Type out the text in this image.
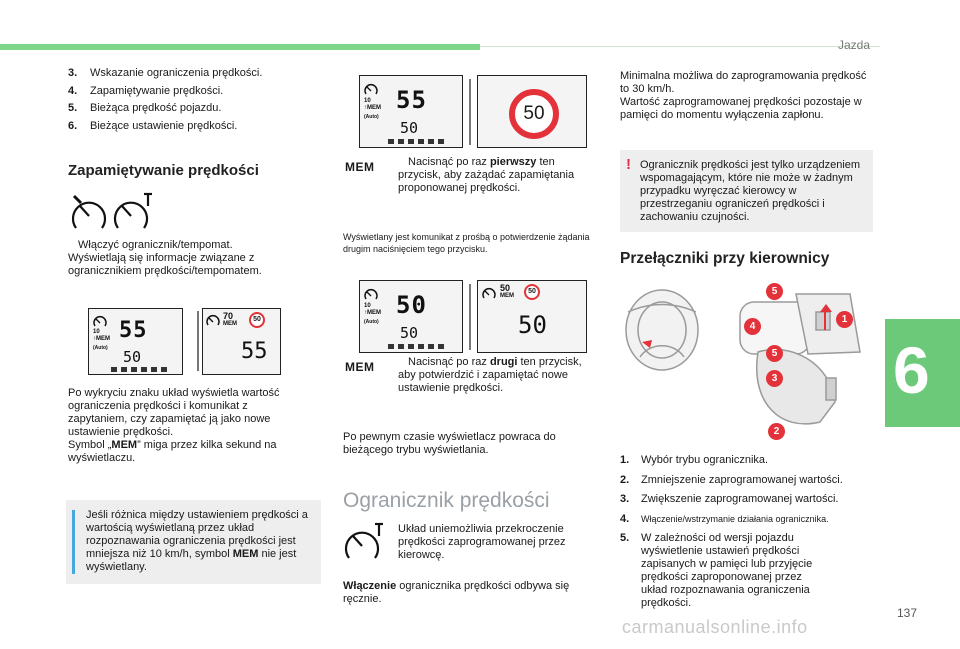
Jazda
6
137
carmanualsonline.info
3.	Wskazanie ograniczenia prędkości.
4.	Zapamiętywanie prędkości.
5.	Bieżąca prędkość pojazdu.
6.	Bieżące ustawienie prędkości.
Zapamiętywanie prędkości
Włączyć ogranicznik/tempomat. Wyświetlają się informacje związane z ogranicznikiem prędkości/tempomatem.
10
↑MEM
(Auto)
55
50
70
MEM
50
55
Po wykryciu znaku układ wyświetla wartość ograniczenia prędkości i komunikat z zapytaniem, czy zapamiętać ją jako nowe ustawienie prędkości.
Symbol „MEM” miga przez kilka sekund na wyświetlaczu.
Jeśli różnica między ustawieniem prędkości a wartością wyświetlaną przez układ rozpoznawania ograniczenia prędkości jest mniejsza niż 10 km/h, symbol MEM nie jest wyświetlany.
10
↑MEM
(Auto)
55
50
50
MEM	Nacisnąć po raz pierwszy ten przycisk, aby zażądać zapamiętania proponowanej prędkości.
Wyświetlany jest komunikat z prośbą o potwierdzenie żądania drugim naciśnięciem tego przycisku.
10
↑MEM
(Auto)
50
50
50
MEM
50
50
MEM	Nacisnąć po raz drugi ten przycisk, aby potwierdzić i zapamiętać nowe ustawienie prędkości.
Po pewnym czasie wyświetlacz powraca do bieżącego trybu wyświetlania.
Ogranicznik prędkości
Układ uniemożliwia przekroczenie prędkości zaprogramowanej przez kierowcę.
Włączenie ogranicznika prędkości odbywa się ręcznie.
Minimalna możliwa do zaprogramowania prędkość to 30 km/h.
Wartość zaprogramowanej prędkości pozostaje w pamięci do momentu wyłączenia zapłonu.
! Ogranicznik prędkości jest tylko urządzeniem wspomagającym, które nie może w żadnym przypadku wyręczać kierowcy w przestrzeganiu ograniczeń prędkości i zachowaniu czujności.
Przełączniki przy kierownicy
5
1
4
5
3
2
1.	Wybór trybu ogranicznika.
2.	Zmniejszenie zaprogramowanej wartości.
3.	Zwiększenie zaprogramowanej wartości.
4.	Włączenie/wstrzymanie działania ogranicznika.
5.	W zależności od wersji pojazdu wyświetlenie ustawień prędkości zapisanych w pamięci lub przyjęcie prędkości zaproponowanej przez układ rozpoznawania ograniczenia prędkości.
